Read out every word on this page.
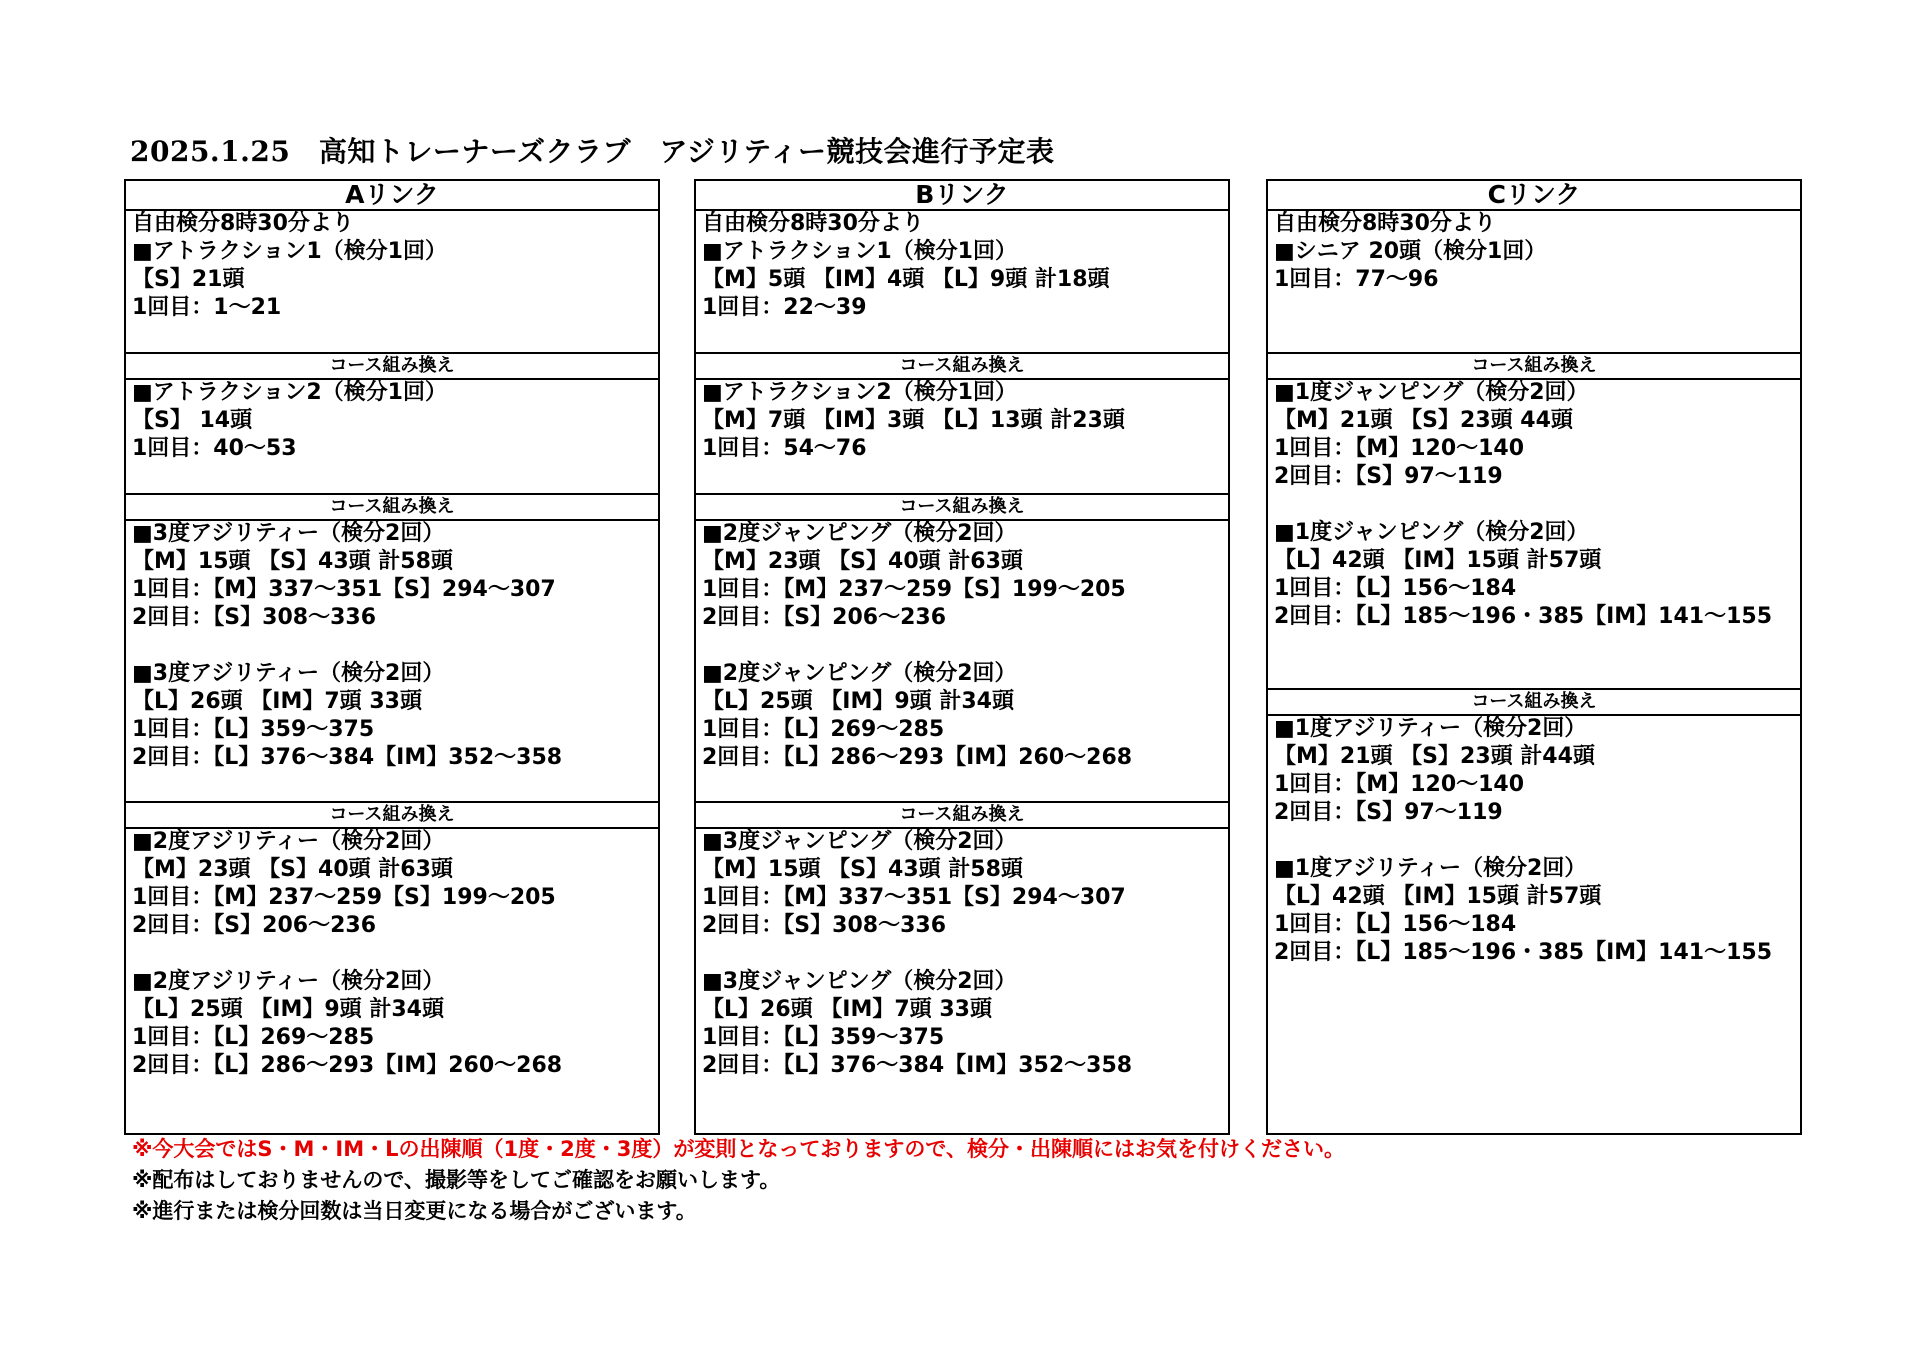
2025.1.25　高知トレーナーズクラブ　アジリティー競技会進行予定表
Aリンク
自由検分8時30分より
■アトラクション1（検分1回）
【S】21頭
1回目：1～21
コース組み換え
■アトラクション2（検分1回）
【S】 14頭
1回目：40～53
コース組み換え
■3度アジリティー（検分2回）
【M】15頭 【S】43頭 計58頭
1回目：【M】337～351【S】294～307
2回目：【S】308～336
■3度アジリティー（検分2回）
【L】26頭 【IM】7頭 33頭
1回目：【L】359～375
2回目：【L】376～384【IM】352～358
コース組み換え
■2度アジリティー（検分2回）
【M】23頭 【S】40頭 計63頭
1回目：【M】237～259【S】199～205
2回目：【S】206～236
■2度アジリティー（検分2回）
【L】25頭 【IM】9頭 計34頭
1回目：【L】269～285
2回目：【L】286～293【IM】260～268
Bリンク
自由検分8時30分より
■アトラクション1（検分1回）
【M】5頭 【IM】4頭 【L】9頭 計18頭
1回目：22～39
コース組み換え
■アトラクション2（検分1回）
【M】7頭 【IM】3頭 【L】13頭 計23頭
1回目：54～76
コース組み換え
■2度ジャンピング（検分2回）
【M】23頭 【S】40頭 計63頭
1回目：【M】237～259【S】199～205
2回目：【S】206～236
■2度ジャンピング（検分2回）
【L】25頭 【IM】9頭 計34頭
1回目：【L】269～285
2回目：【L】286～293【IM】260～268
コース組み換え
■3度ジャンピング（検分2回）
【M】15頭 【S】43頭 計58頭
1回目：【M】337～351【S】294～307
2回目：【S】308～336
■3度ジャンピング（検分2回）
【L】26頭 【IM】7頭 33頭
1回目：【L】359～375
2回目：【L】376～384【IM】352～358
Cリンク
自由検分8時30分より
■シニア 20頭（検分1回）
1回目：77～96
コース組み換え
■1度ジャンピング（検分2回）
【M】21頭 【S】23頭 44頭
1回目：【M】120～140
2回目：【S】97～119
■1度ジャンピング（検分2回）
【L】42頭 【IM】15頭 計57頭
1回目：【L】156～184
2回目：【L】185～196・385【IM】141～155
コース組み換え
■1度アジリティー（検分2回）
【M】21頭 【S】23頭 計44頭
1回目：【M】120～140
2回目：【S】97～119
■1度アジリティー（検分2回）
【L】42頭 【IM】15頭 計57頭
1回目：【L】156～184
2回目：【L】185～196・385【IM】141～155
※今大会ではS・M・IM・Lの出陳順（1度・2度・3度）が変則となっておりますので、検分・出陳順にはお気を付けください。
※配布はしておりませんので、撮影等をしてご確認をお願いします。
※進行または検分回数は当日変更になる場合がございます。
